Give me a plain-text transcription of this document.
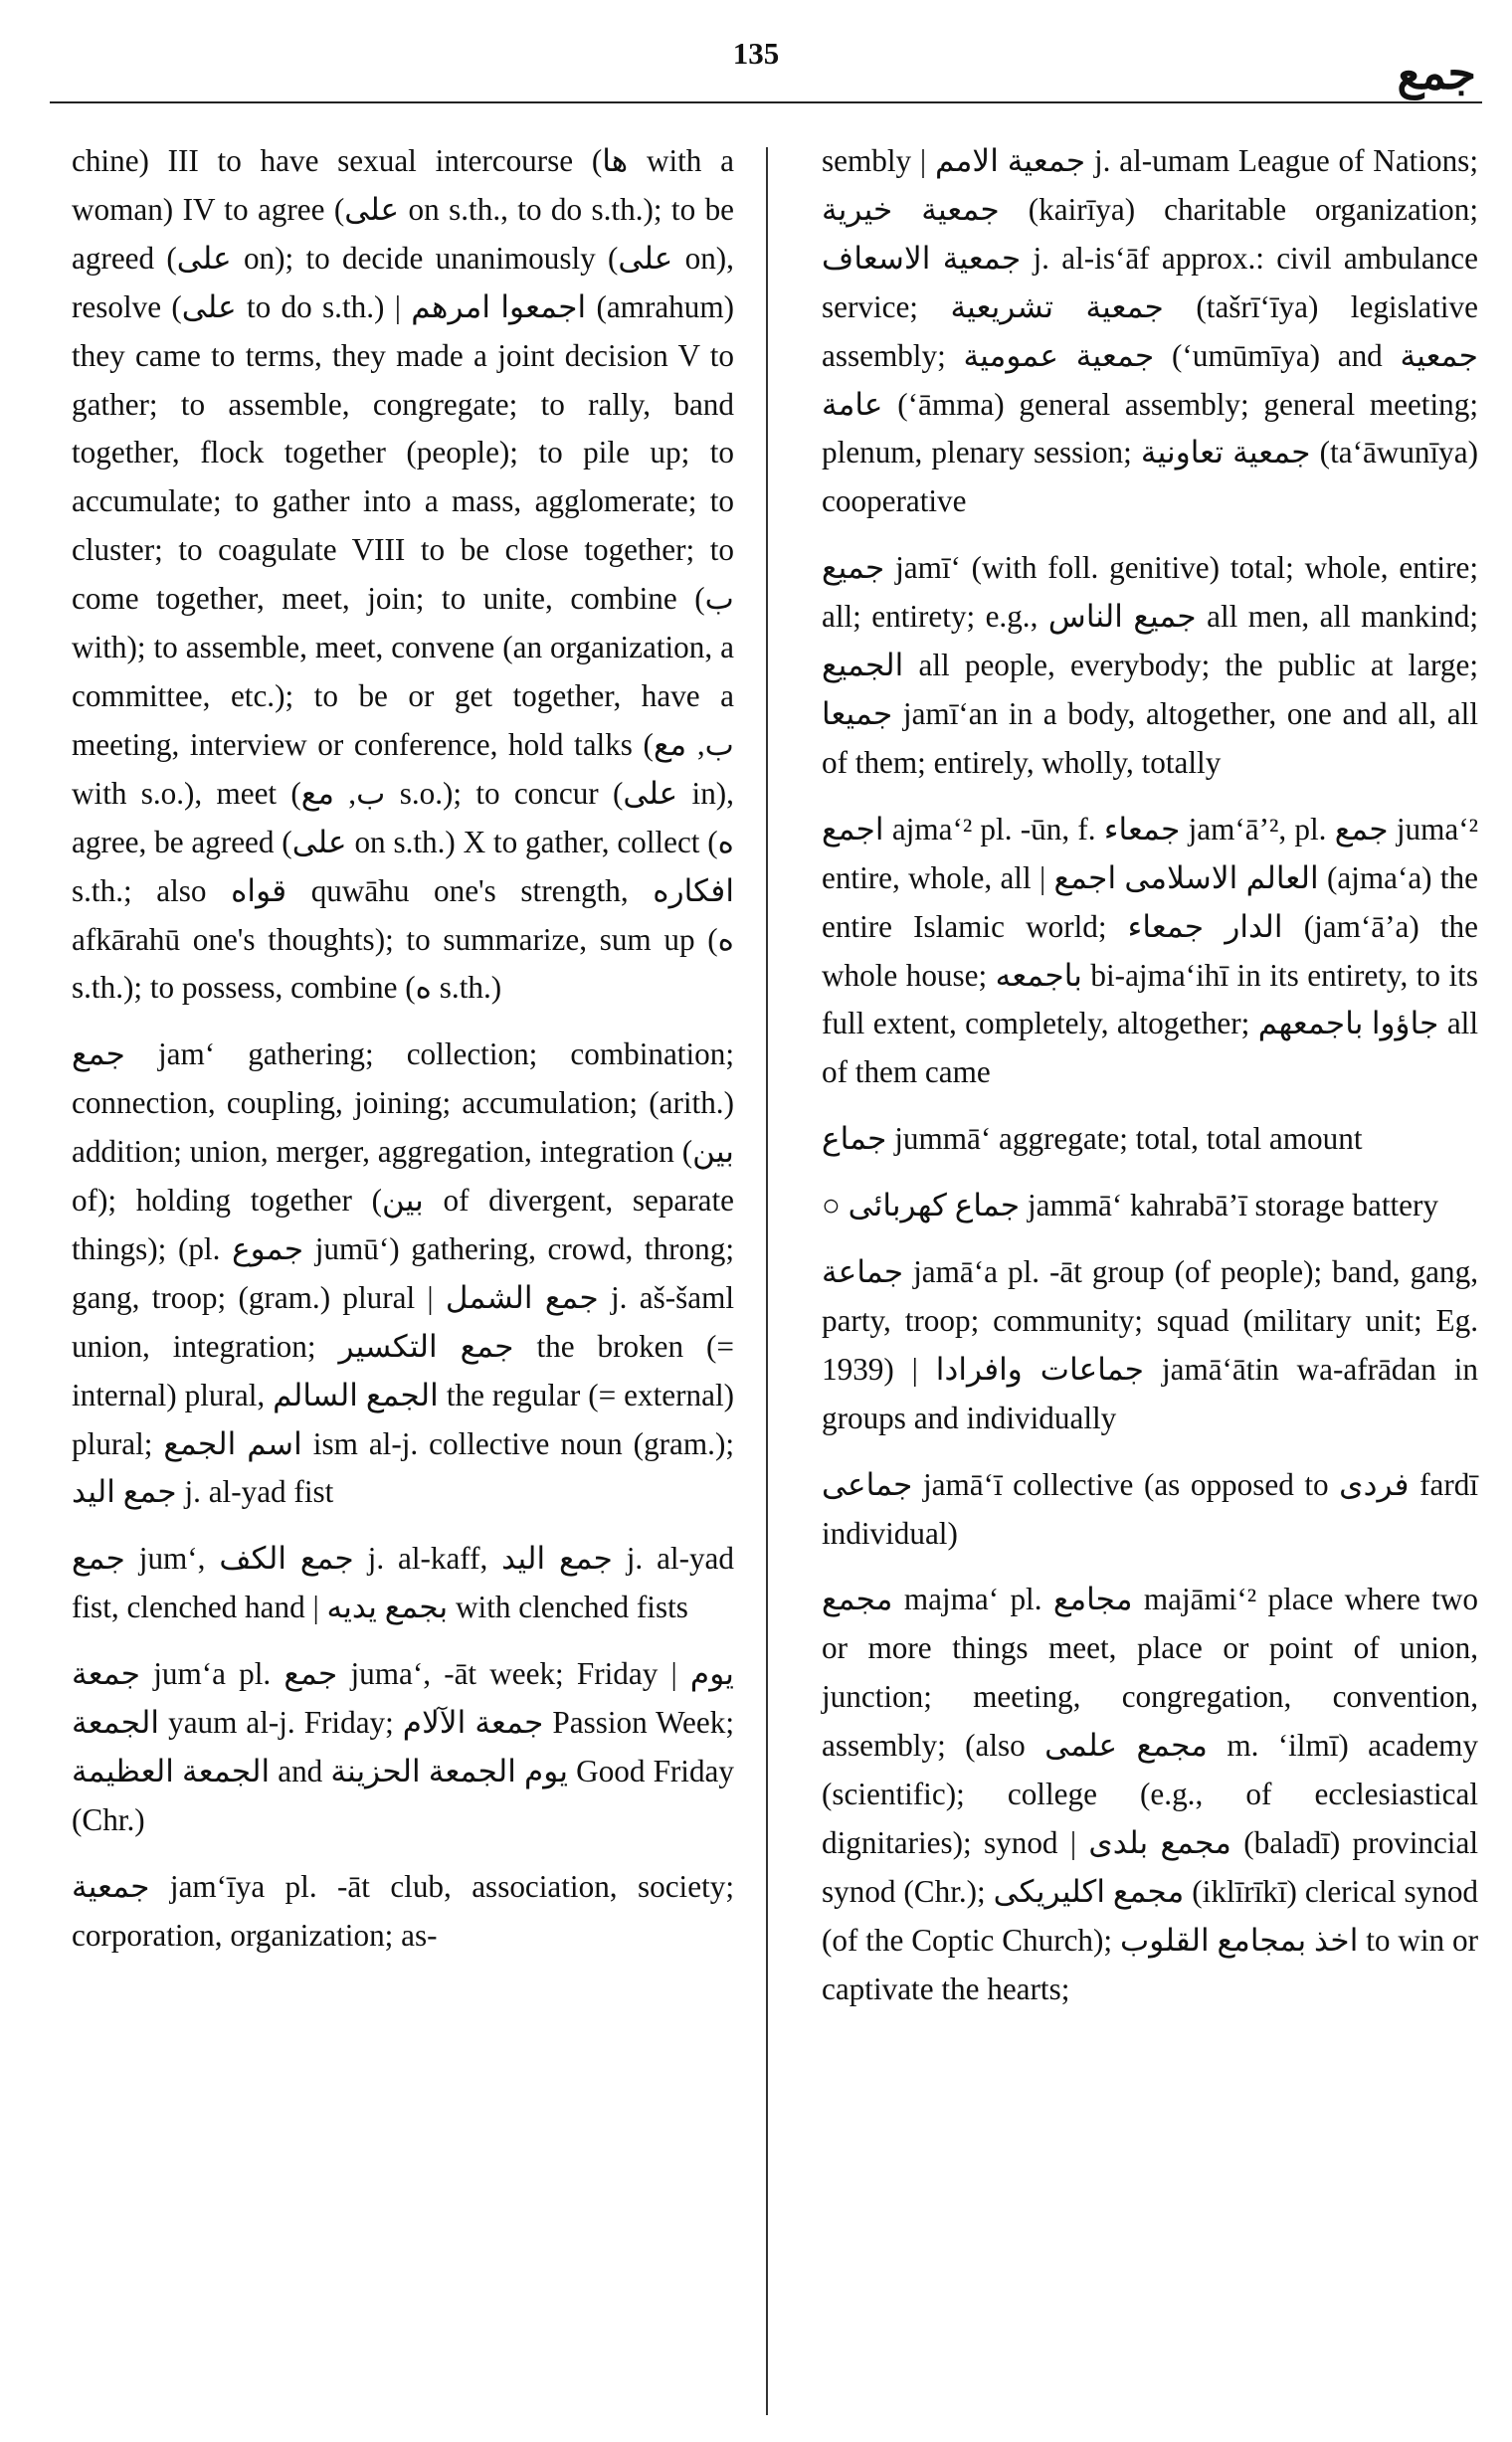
135	جمع

chine) III to have sexual intercourse (ها with a woman) IV to agree (على on s.th., to do s.th.); to be agreed (على on); to decide unanimously (على on), resolve (على to do s.th.) | اجمعوا امرهم (amrahum) they came to terms, they made a joint decision V to gather; to assemble, congregate; to rally, band together, flock together (people); to pile up; to accumulate; to gather into a mass, agglomerate; to cluster; to coagulate VIII to be close together; to come together, meet, join; to unite, combine (ب with); to assemble, meet, convene (an organization, a committee, etc.); to be or get together, have a meeting, interview or conference, hold talks (ب, مع with s.o.), meet (ب, مع s.o.); to concur (على in), agree, be agreed (على on s.th.) X to gather, collect (ه s.th.; also قواه quwāhu one's strength, افكاره afkārahū one's thoughts); to summarize, sum up (ه s.th.); to possess, combine (ه s.th.)

جمع jam‘ gathering; collection; combination; connection, coupling, joining; accumulation; (arith.) addition; union, merger, aggregation, integration (بين of); holding together (بين of divergent, separate things); (pl. جموع jumū‘) gathering, crowd, throng; gang, troop; (gram.) plural | جمع الشمل j. aš-šaml union, integration; جمع التكسير the broken (= internal) plural, الجمع السالم the regular (= external) plural; اسم الجمع ism al-j. collective noun (gram.); جمع اليد j. al-yad fist

جمع jum‘, جمع الكف j. al-kaff, جمع اليد j. al-yad fist, clenched hand | بجمع يديه with clenched fists

جمعة jum‘a pl. جمع juma‘, -āt week; Friday | يوم الجمعة yaum al-j. Friday; جمعة الآلام Passion Week; الجمعة العظيمة and يوم الجمعة الحزينة Good Friday (Chr.)

جمعية jam‘īya pl. -āt club, association, society; corporation, organization; as-

sembly | جمعية الامم j. al-umam League of Nations; جمعية خيرية (kairīya) charitable organization; جمعية الاسعاف j. al-is‘āf approx.: civil ambulance service; جمعية تشريعية (tašrī‘īya) legislative assembly; جمعية عمومية (‘umūmīya) and جمعية عامة (‘āmma) general assembly; general meeting; plenum, plenary session; جمعية تعاونية (ta‘āwunīya) cooperative

جميع jamī‘ (with foll. genitive) total; whole, entire; all; entirety; e.g., جميع الناس all men, all mankind; الجميع all people, everybody; the public at large; جميعا jamī‘an in a body, altogether, one and all, all of them; entirely, wholly, totally

اجمع ajma‘² pl. -ūn, f. جمعاء jam‘ā’², pl. جمع juma‘² entire, whole, all | العالم الاسلامى اجمع (ajma‘a) the entire Islamic world; الدار جمعاء (jam‘ā’a) the whole house; باجمعه bi-ajma‘ihī in its entirety, to its full extent, completely, altogether; جاؤوا باجمعهم all of them came

جماع jummā‘ aggregate; total, total amount

○ جماع كهربائى jammā‘ kahrabā’ī storage battery

جماعة jamā‘a pl. -āt group (of people); band, gang, party, troop; community; squad (military unit; Eg. 1939) | جماعات وافرادا jamā‘ātin wa-afrādan in groups and individually

جماعى jamā‘ī collective (as opposed to فردى fardī individual)

مجمع majma‘ pl. مجامع majāmi‘² place where two or more things meet, place or point of union, junction; meeting, congregation, convention, assembly; (also مجمع علمى m. ‘ilmī) academy (scientific); college (e.g., of ecclesiastical dignitaries); synod | مجمع بلدى (baladī) provincial synod (Chr.); مجمع اكليريكى (iklīrīkī) clerical synod (of the Coptic Church); اخذ بمجامع القلوب to win or captivate the hearts;
